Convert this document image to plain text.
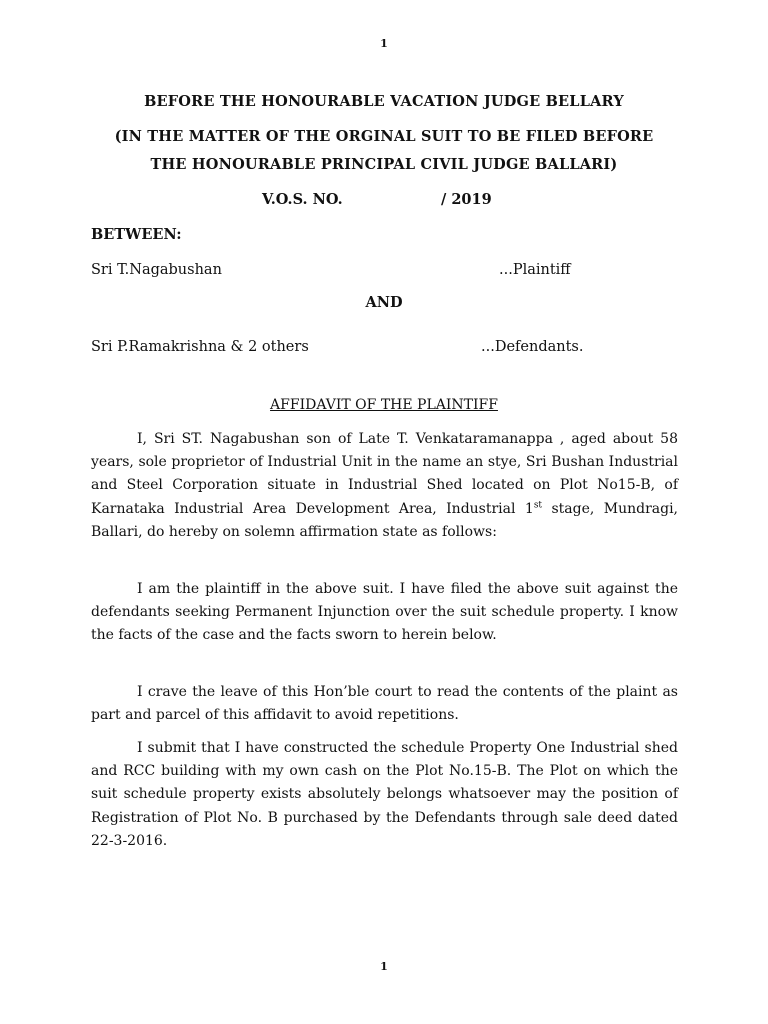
1
BEFORE THE HONOURABLE VACATION JUDGE BELLARY
(IN THE MATTER OF THE ORGINAL SUIT TO BE FILED BEFORE
THE HONOURABLE PRINCIPAL CIVIL JUDGE BALLARI)
V.O.S. NO.	/ 2019
BETWEEN:
Sri T.Nagabushan	...Plaintiff
AND
Sri P.Ramakrishna & 2 others	...Defendants.
AFFIDAVIT OF THE PLAINTIFF

I, Sri ST. Nagabushan son of Late T. Venkataramanappa , aged about 58 years, sole proprietor of Industrial Unit in the name an stye, Sri Bushan Industrial and Steel Corporation situate in Industrial Shed located on Plot No15-B, of Karnataka Industrial Area Development Area, Industrial 1st stage, Mundragi, Ballari, do hereby on solemn affirmation state as follows:

I am the plaintiff in the above suit. I have filed the above suit against the defendants seeking Permanent Injunction over the suit schedule property. I know the facts of the case and the facts sworn to herein below.

I crave the leave of this Hon’ble court to read the contents of the plaint as part and parcel of this affidavit to avoid repetitions.

I submit that I have constructed the schedule Property One Industrial shed and RCC building with my own cash on the Plot No.15-B. The Plot on which the suit schedule property exists absolutely belongs whatsoever may the position of Registration of Plot No. B purchased by the Defendants through sale deed dated 22-3-2016.

1
